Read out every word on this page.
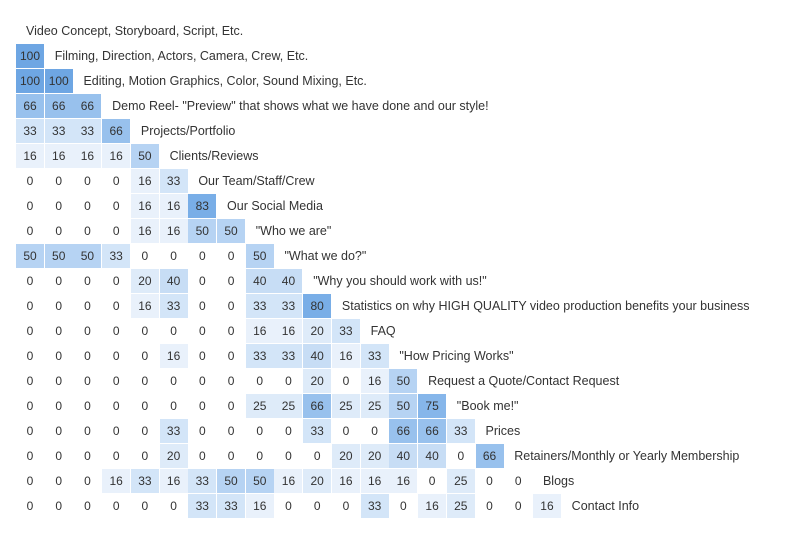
Video Concept, Storyboard, Script, Etc.
100	Filming, Direction, Actors, Camera, Crew, Etc.
100 100	Editing, Motion Graphics, Color, Sound Mixing, Etc.
66	66	66	Demo Reel- "Preview" that shows what we have done and our style!
33	33	33	66	Projects/Portfolio
16	16	16	16	50	Clients/Reviews
0	0	0	0	16	33	Our Team/Staff/Crew
0	0	0	0	16	16	83	Our Social Media
0	0	0	0	16	16	50	50	"Who we are"
50	50	50	33	0	0	0	0	50	"What we do?"
0	0	0	0	20	40	0	0	40	40	"Why you should work with us!"
0	0	0	0	16	33	0	0	33	33	80	Statistics on why HIGH QUALITY video production benefits your business
0	0	0	0	0	0	0	0	16	16	20	33	FAQ
0	0	0	0	0	16	0	0	33	33	40	16	33	"How Pricing Works"
0	0	0	0	0	0	0	0	0	0	20	0	16	50	Request a Quote/Contact Request
0	0	0	0	0	0	0	0	25	25	66	25	25	50	75	"Book me!"
0	0	0	0	0	33	0	0	0	0	33	0	0	66	66	33	Prices
0	0	0	0	0	20	0	0	0	0	0	20	20	40	40	0	66	Retainers/Monthly or Yearly Membership
0	0	0	16	33	16	33	50	50	16	20	16	16	16	0	25	0	0	Blogs
0	0	0	0	0	0	33	33	16	0	0	0	33	0	16	25	0	0	16	Contact Info
